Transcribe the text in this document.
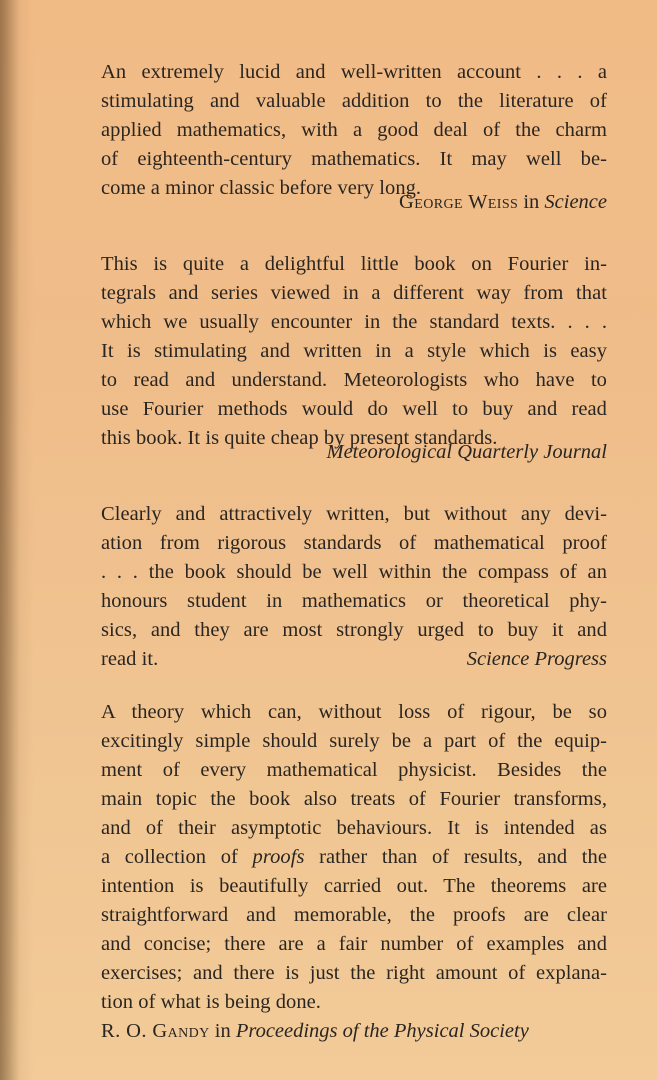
An extremely lucid and well-written account . . . a
stimulating and valuable addition to the literature of
applied mathematics, with a good deal of the charm
of eighteenth-century mathematics. It may well be-
come a minor classic before very long.
George Weiss in Science
This is quite a delightful little book on Fourier in-
tegrals and series viewed in a different way from that
which we usually encounter in the standard texts. . . .
It is stimulating and written in a style which is easy
to read and understand. Meteorologists who have to
use Fourier methods would do well to buy and read
this book. It is quite cheap by present standards.
Meteorological Quarterly Journal
Clearly and attractively written, but without any devi-
ation from rigorous standards of mathematical proof
. . . the book should be well within the compass of an
honours student in mathematics or theoretical phy-
sics, and they are most strongly urged to buy it and
read it.	Science Progress
A theory which can, without loss of rigour, be so
excitingly simple should surely be a part of the equip-
ment of every mathematical physicist. Besides the
main topic the book also treats of Fourier transforms,
and of their asymptotic behaviours. It is intended as
a collection of proofs rather than of results, and the
intention is beautifully carried out. The theorems are
straightforward and memorable, the proofs are clear
and concise; there are a fair number of examples and
exercises; and there is just the right amount of explana-
tion of what is being done.
R. O. Gandy in Proceedings of the Physical Society
